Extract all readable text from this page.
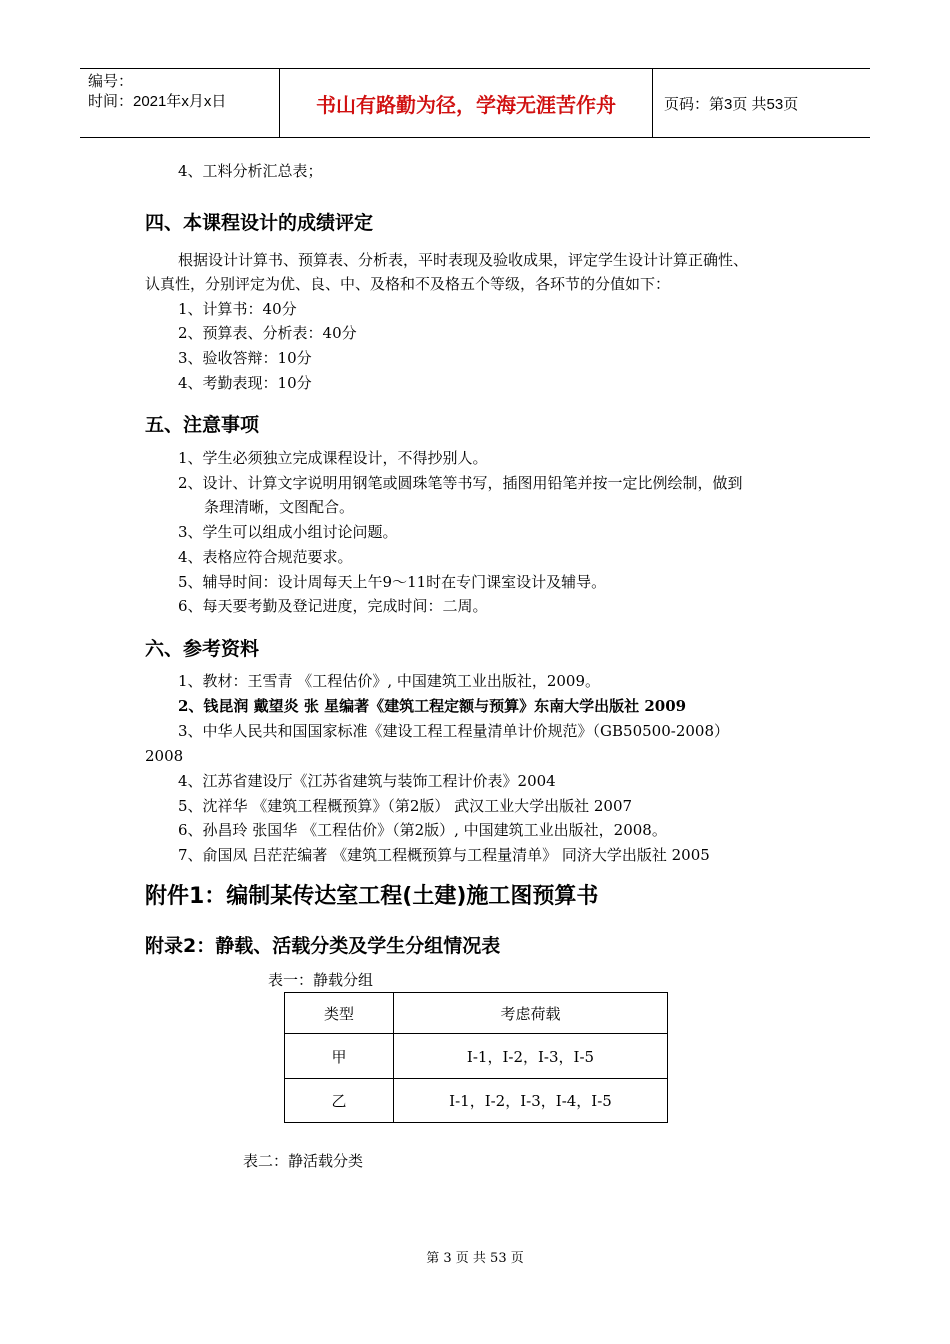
编号：
时间：2021年x月x日	书山有路勤为径，学海无涯苦作舟	页码：第3页 共53页
4、工料分析汇总表；
四、本课程设计的成绩评定
根据设计计算书、预算表、分析表，平时表现及验收成果，评定学生设计计算正确性、
认真性，分别评定为优、良、中、及格和不及格五个等级，各环节的分值如下：
1、计算书：40分
2、预算表、分析表：40分
3、验收答辩：10分
4、考勤表现：10分
五、注意事项
1、学生必须独立完成课程设计，不得抄别人。
2、设计、计算文字说明用钢笔或圆珠笔等书写，插图用铅笔并按一定比例绘制，做到
条理清晰，文图配合。
3、学生可以组成小组讨论问题。
4、表格应符合规范要求。
5、辅导时间：设计周每天上午9～11时在专门课室设计及辅导。
6、每天要考勤及登记进度，完成时间：二周。
六、参考资料
1、教材：王雪青 《工程估价》, 中国建筑工业出版社，2009。
2、钱昆润 戴望炎 张 星编著《建筑工程定额与预算》东南大学出版社 2009
3、中华人民共和国国家标准《建设工程工程量清单计价规范》（GB50500-2008）
2008
4、江苏省建设厅《江苏省建筑与装饰工程计价表》2004
5、沈祥华 《建筑工程概预算》（第2版） 武汉工业大学出版社 2007
6、孙昌玲 张国华 《工程估价》（第2版）, 中国建筑工业出版社，2008。
7、俞国凤 吕茫茫编著 《建筑工程概预算与工程量清单》 同济大学出版社 2005
附件1：编制某传达室工程(土建)施工图预算书
附录2：静载、活载分类及学生分组情况表
表一：静载分组
类型	考虑荷载
甲	I-1，Ⅰ-2，Ⅰ-3，Ⅰ-5
乙	I-1，Ⅰ-2，Ⅰ-3，Ⅰ-4，Ⅰ-5
表二：静活载分类
第 3 页 共 53 页
